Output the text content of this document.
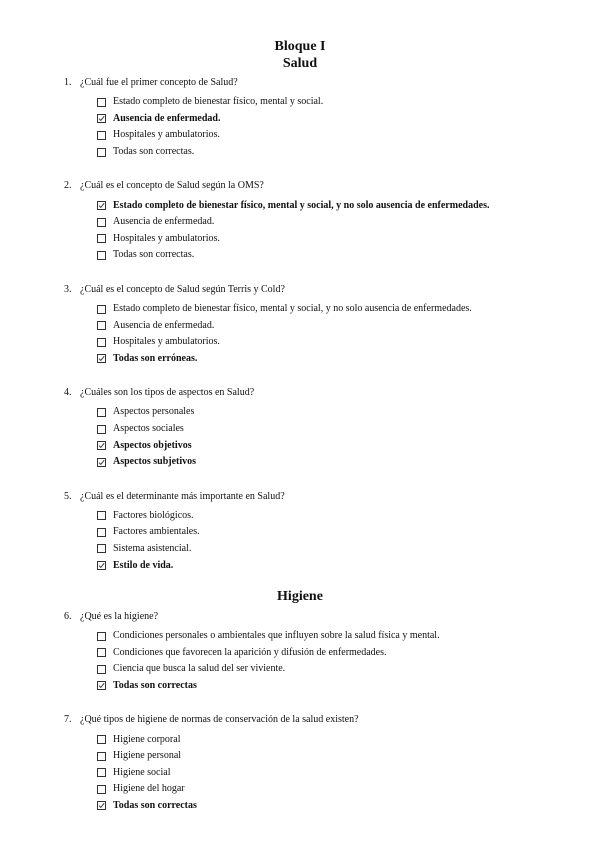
Bloque I
Salud
1. ¿Cuál fue el primer concepto de Salud?
Estado completo de bienestar físico, mental y social.
Ausencia de enfermedad.
Hospitales y ambulatorios.
Todas son correctas.
2. ¿Cuál es el concepto de Salud según la OMS?
Estado completo de bienestar físico, mental y social, y no solo ausencia de enfermedades.
Ausencia de enfermedad.
Hospitales y ambulatorios.
Todas son correctas.
3. ¿Cuál es el concepto de Salud según Terris y Cold?
Estado completo de bienestar físico, mental y social, y no solo ausencia de enfermedades.
Ausencia de enfermedad.
Hospitales y ambulatorios.
Todas son erróneas.
4. ¿Cuáles son los tipos de aspectos en Salud?
Aspectos personales
Aspectos sociales
Aspectos objetivos
Aspectos subjetivos
5. ¿Cuál es el determinante más importante en Salud?
Factores biológicos.
Factores ambientales.
Sistema asistencial.
Estilo de vida.
Higiene
6. ¿Qué es la higiene?
Condiciones personales o ambientales que influyen sobre la salud física y mental.
Condiciones que favorecen la aparición y difusión de enfermedades.
Ciencia que busca la salud del ser viviente.
Todas son correctas
7. ¿Qué tipos de higiene de normas de conservación de la salud existen?
Higiene corporal
Higiene personal
Higiene social
Higiene del hogar
Todas son correctas
